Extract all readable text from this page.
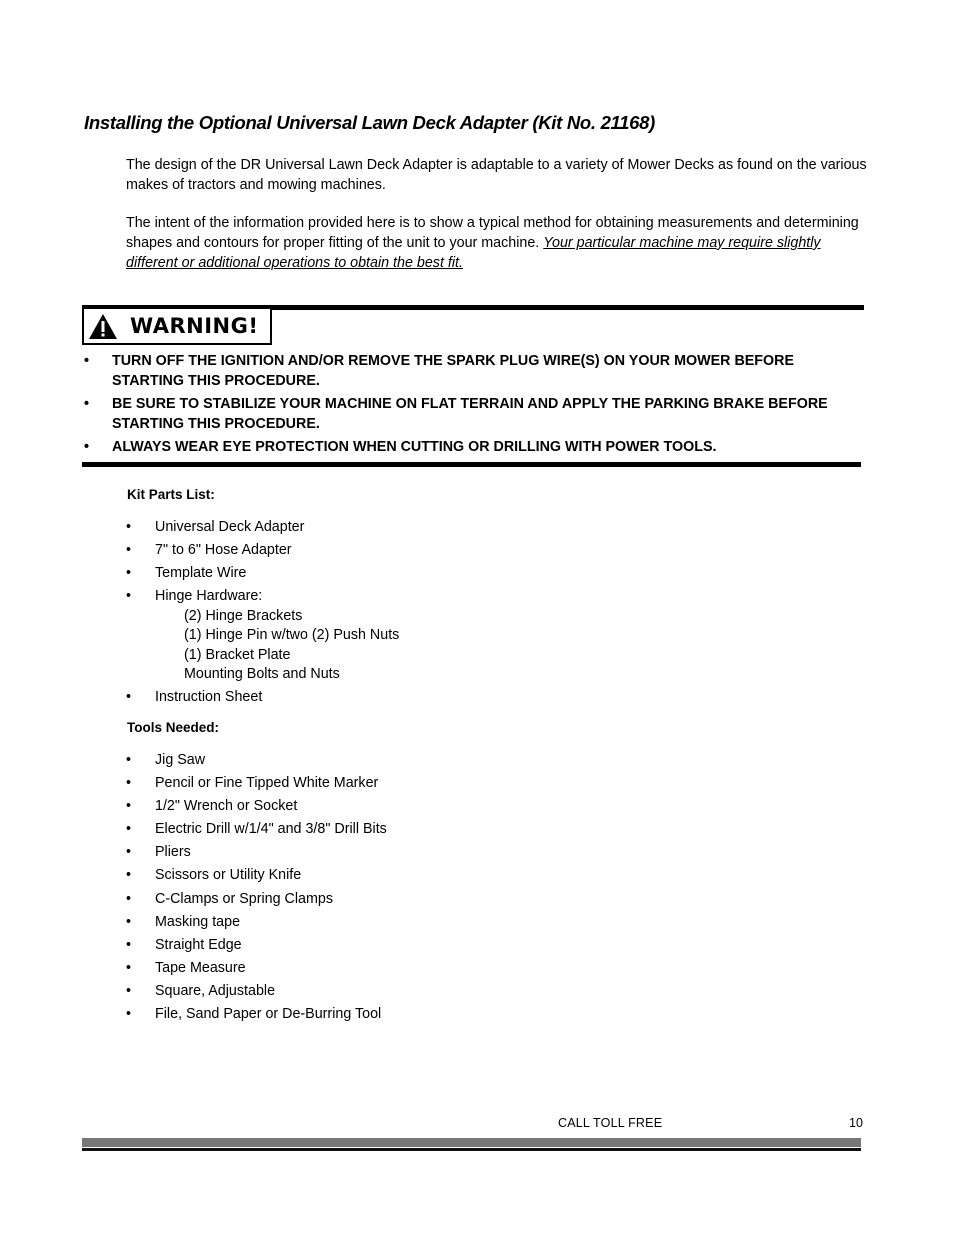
Installing the Optional Universal Lawn Deck Adapter (Kit No. 21168)

The design of the DR Universal Lawn Deck Adapter is adaptable to a variety of Mower Decks as found on the various makes of tractors and mowing machines.

The intent of the information provided here is to show a typical method for obtaining measurements and determining shapes and contours for proper fitting of the unit to your machine. Your particular machine may require slightly different or additional operations to obtain the best fit.

WARNING!
• TURN OFF THE IGNITION AND/OR REMOVE THE SPARK PLUG WIRE(S) ON YOUR MOWER BEFORE STARTING THIS PROCEDURE.
• BE SURE TO STABILIZE YOUR MACHINE ON FLAT TERRAIN AND APPLY THE PARKING BRAKE BEFORE STARTING THIS PROCEDURE.
• ALWAYS WEAR EYE PROTECTION WHEN CUTTING OR DRILLING WITH POWER TOOLS.

Kit Parts List:

• Universal Deck Adapter
• 7" to 6" Hose Adapter
• Template Wire
• Hinge Hardware:
(2) Hinge Brackets
(1) Hinge Pin w/two (2) Push Nuts
(1) Bracket Plate
Mounting Bolts and Nuts
• Instruction Sheet

Tools Needed:

• Jig Saw
• Pencil or Fine Tipped White Marker
• 1/2" Wrench or Socket
• Electric Drill w/1/4" and 3/8" Drill Bits
• Pliers
• Scissors or Utility Knife
• C-Clamps or Spring Clamps
• Masking tape
• Straight Edge
• Tape Measure
• Square, Adjustable
• File, Sand Paper or De-Burring Tool
CALL TOLL FREE	10
